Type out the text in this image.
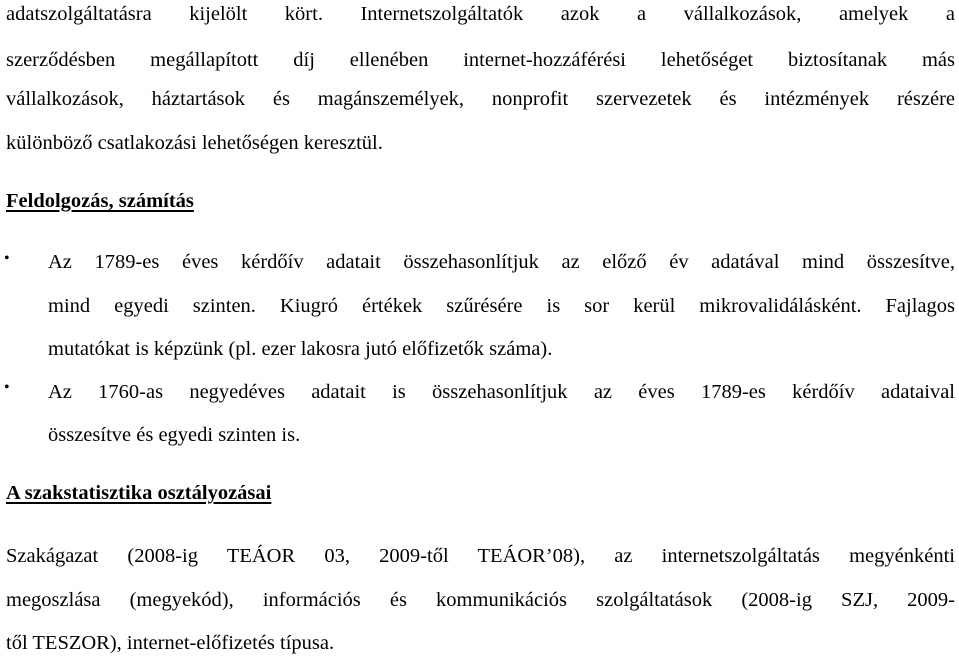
adatszolgáltatásra kijelölt kört. Internetszolgáltatók azok a vállalkozások, amelyek a
szerződésben megállapított díj ellenében internet-hozzáférési lehetőséget biztosítanak más
vállalkozások, háztartások és magánszemélyek, nonprofit szervezetek és intézmények részére
különböző csatlakozási lehetőségen keresztül.
Feldolgozás, számítás
• Az 1789-es éves kérdőív adatait összehasonlítjuk az előző év adatával mind összesítve,
mind egyedi szinten. Kiugró értékek szűrésére is sor kerül mikrovalidálásként. Fajlagos
mutatókat is képzünk (pl. ezer lakosra jutó előfizetők száma).
• Az 1760-as negyedéves adatait is összehasonlítjuk az éves 1789-es kérdőív adataival
összesítve és egyedi szinten is.
A szakstatisztika osztályozásai
Szakágazat (2008-ig TEÁOR 03, 2009-től TEÁOR’08), az internetszolgáltatás megyénkénti
megoszlása (megyekód), információs és kommunikációs szolgáltatások (2008-ig SZJ, 2009-
től TESZOR), internet-előfizetés típusa.
